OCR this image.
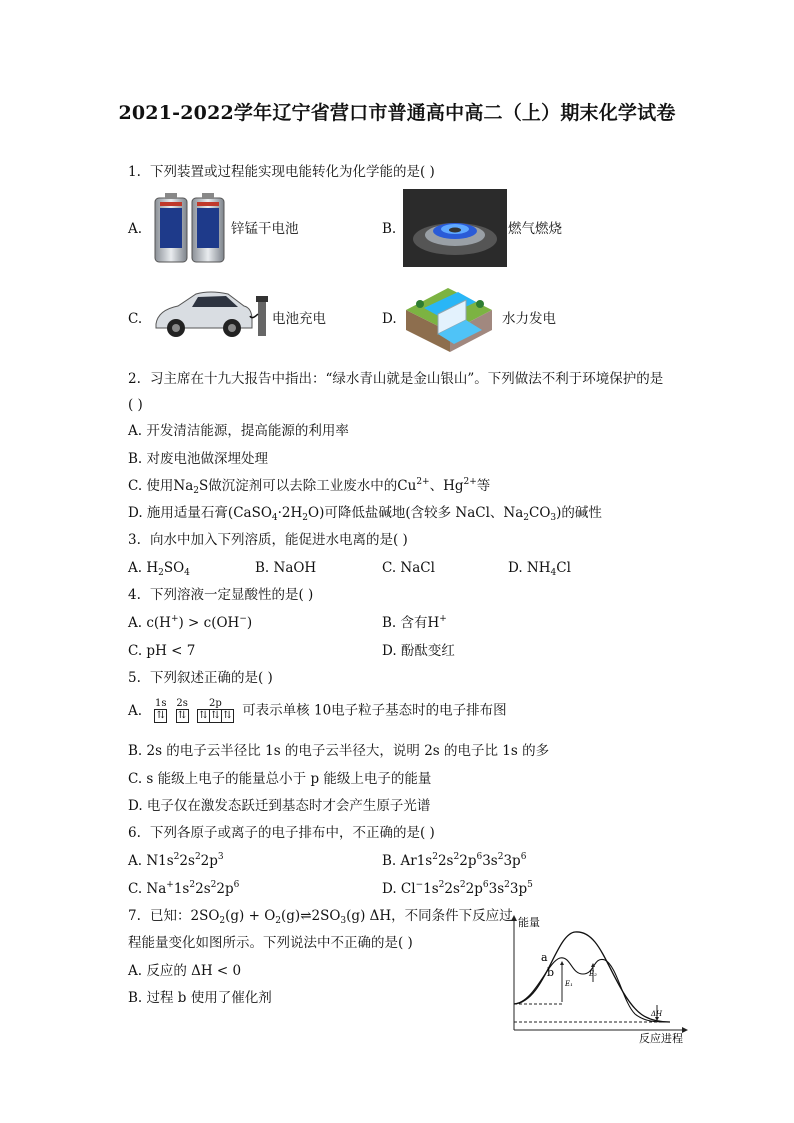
2021-2022学年辽宁省营口市普通高中高二（上）期末化学试卷
1. 下列装置或过程能实现电能转化为化学能的是( )
A.	锌锰干电池	B.	燃气燃烧
C.	电池充电	D.	水力发电
2. 习主席在十九大报告中指出：“绿水青山就是金山银山”。下列做法不利于环境保护的是
( )
A. 开发清洁能源，提高能源的利用率
B. 对废电池做深埋处理
C. 使用$Na_2S$做沉淀剂可以去除工业废水中的$Cu^{2+}$、$Hg^{2+}$等
D. 施用适量石膏$(CaSO_4\cdot 2H_2O)$可降低盐碱地(含较多 NaCl、$Na_2CO_3$)的碱性
3. 向水中加入下列溶质，能促进水电离的是( )
A. $H_2SO_4$	B. NaOH	C. NaCl	D. $NH_4Cl$
4. 下列溶液一定显酸性的是( )
A. c(H+) > c(OH−)	B. 含有H+
C. pH < 7	D. 酚酞变红
5. 下列叙述正确的是( )
A. 1s
⇅

2s
⇅

2p
⇅ ⇅ ⇅ 可表示单核 10电子粒子基态时的电子排布图
B. 2s 的电子云半径比 1s 的电子云半径大，说明 2s 的电子比 1s 的多
C. s 能级上电子的能量总小于 p 能级上电子的能量
D. 电子仅在激发态跃迁到基态时才会产生原子光谱
6. 下列各原子或离子的电子排布中，不正确的是( )
A. $N1s^22s^22p^3$	B. $Ar1s^22s^22p^63s^23p^6$
C. $Na^+1s^22s^22p^6$	D. $Cl^-1s^22s^22p^63s^23p^5$
7. 已知：$2SO_2(g)$ + $O_2(g)\rightleftharpoons 2SO_3(g)$ ΔH，不同条件下反应过
程能量变化如图所示。下列说法中不正确的是( )
A. 反应的 ΔH < 0
B. 过程 b 使用了催化剂
能量
反应进程
a
b
E₁
E₂
ΔH
